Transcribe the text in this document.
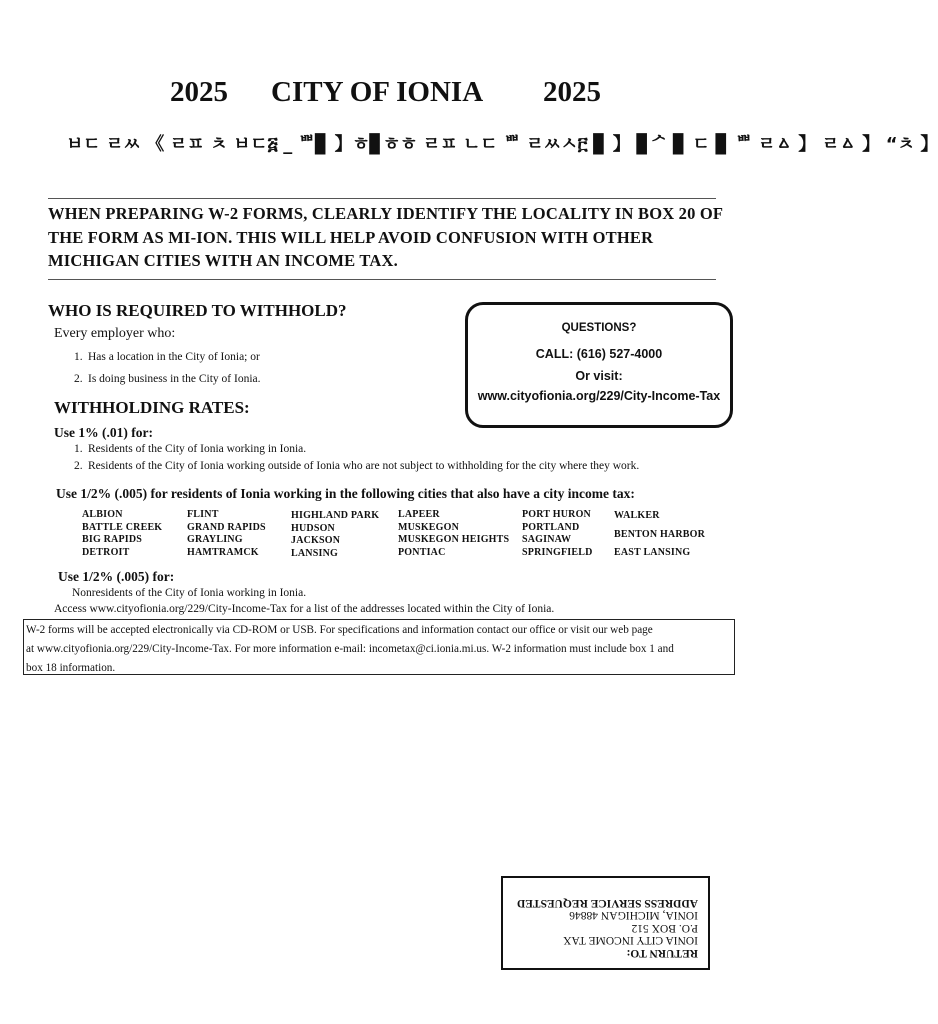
2025 CITY OF IONIA 2025
ㅂㄷ ㄹㅆ 《 ㄹㅍ ㅊ ㅂㄷ፭ _ ᄈ▊ 】ㅎ▊ㅎㅎ ㄹㅍ ㄴㄷ ᄈ ㄹㅆㅅ፫ ▊ 】 ▊ᄼ ▊ ㄷ ▊ ᄈ ㄹㅿ 】 ㄹㅿ 】 “ㅊ 】
WHEN PREPARING W-2 FORMS, CLEARLY IDENTIFY THE LOCALITY IN BOX 20 OF THE FORM AS MI-ION. THIS WILL HELP AVOID CONFUSION WITH OTHER MICHIGAN CITIES WITH AN INCOME TAX.
WHO IS REQUIRED TO WITHHOLD?
Every employer who:
1. Has a location in the City of Ionia; or
2. Is doing business in the City of Ionia.
QUESTIONS?
CALL: (616) 527-4000
Or visit:
www.cityofionia.org/229/City-Income-Tax
WITHHOLDING RATES:
Use 1% (.01) for:
1. Residents of the City of Ionia working in Ionia.
2. Residents of the City of Ionia working outside of Ionia who are not subject to withholding for the city where they work.
Use 1/2% (.005) for residents of Ionia working in the following cities that also have a city income tax:
ALBION
BATTLE CREEK
BIG RAPIDS
DETROIT
FLINT
GRAND RAPIDS
GRAYLING
HAMTRAMCK
HIGHLAND PARK
HUDSON
JACKSON
LANSING
LAPEER
MUSKEGON
MUSKEGON HEIGHTS
PONTIAC
PORT HURON
PORTLAND
SAGINAW
SPRINGFIELD
WALKER
BENTON HARBOR
EAST LANSING
Use 1/2% (.005) for:
Nonresidents of the City of Ionia working in Ionia.
Access www.cityofionia.org/229/City-Income-Tax for a list of the addresses located within the City of Ionia.
W-2 forms will be accepted electronically via CD-ROM or USB. For specifications and information contact our office or visit our web page
at www.cityofionia.org/229/City-Income-Tax. For more information e-mail: incometax@ci.ionia.mi.us. W-2 information must include box 1 and
box 18 information.
RETURN TO:
IONIA CITY INCOME TAX
P.O. BOX 512
IONIA, MICHIGAN 48846
ADDRESS SERVICE REQUESTED
